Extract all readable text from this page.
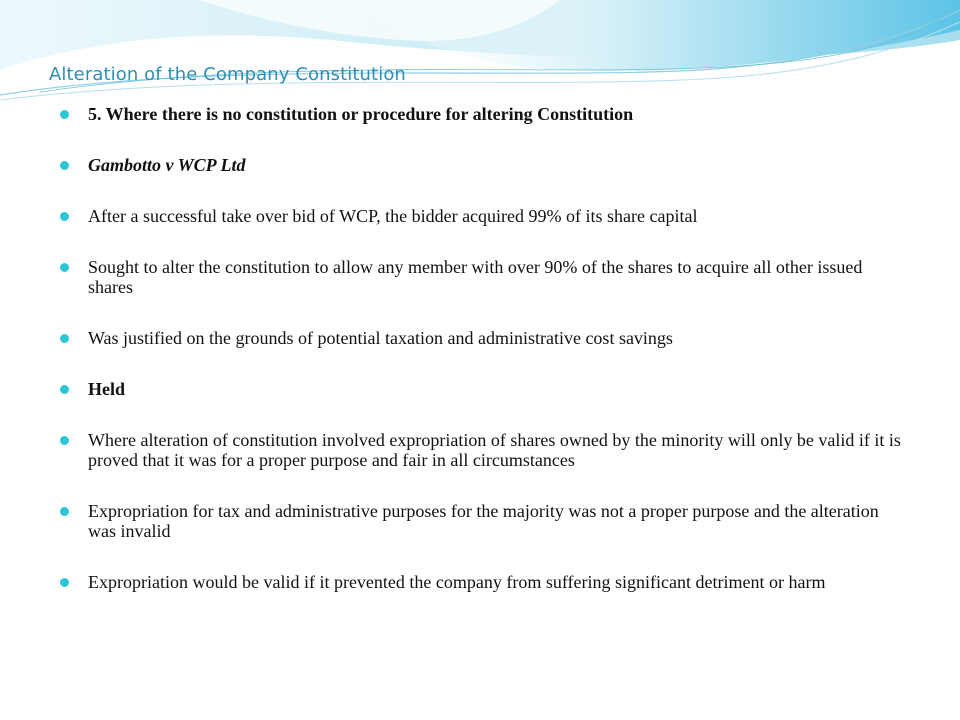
Alteration of the Company Constitution
5. Where there is no constitution or procedure for altering Constitution
Gambotto v WCP Ltd
After a successful take over bid of WCP, the bidder acquired 99% of its share capital
Sought to alter the constitution to allow any member with over 90% of the shares to acquire all other issued shares
Was justified on the grounds of potential taxation and administrative cost savings
Held
Where alteration of constitution involved expropriation of shares owned by the minority will only be valid if it is proved that it was for a proper purpose and fair in all circumstances
Expropriation for tax and administrative purposes for the majority was not a proper purpose and the alteration was invalid
Expropriation would be valid if it prevented the company from suffering significant detriment or harm
